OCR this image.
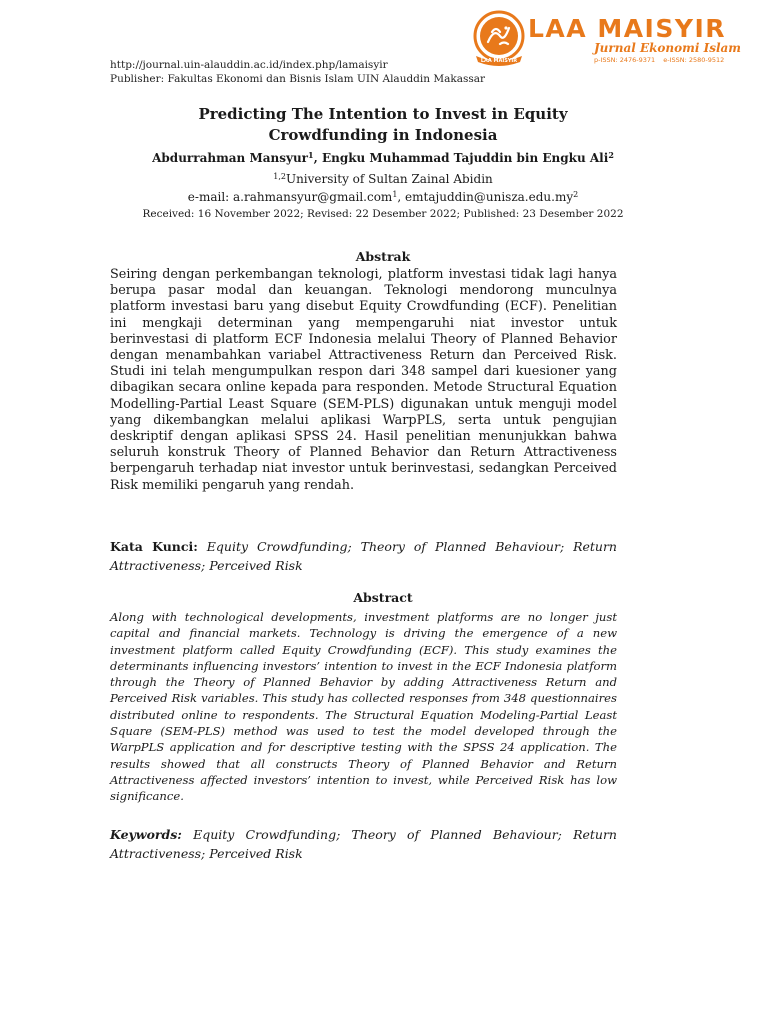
LAA MAISYIR
LAA MAISYIR
Jurnal Ekonomi Islam
p-ISSN: 2476-9371 e-ISSN: 2580-9512
http://journal.uin-alauddin.ac.id/index.php/lamaisyir
Publisher: Fakultas Ekonomi dan Bisnis Islam UIN Alauddin Makassar
Predicting The Intention to Invest in Equity
Crowdfunding in Indonesia
Abdurrahman Mansyur$^1$, Engku Muhammad Tajuddin bin Engku Ali$^2$
$^{1,2}$University of Sultan Zainal Abidin
e-mail: a.rahmansyur@gmail.com$^1$, $emtajuddin@unisza.edu.my^2$
Received: 16 November 2022; Revised: 22 Desember 2022; Published: 23 Desember 2022
Abstrak

Seiring dengan perkembangan teknologi, platform investasi tidak lagi hanya berupa pasar modal dan keuangan. Teknologi mendorong munculnya platform investasi baru yang disebut Equity Crowdfunding (ECF). Penelitian ini mengkaji determinan yang mempengaruhi niat investor untuk berinvestasi di platform ECF Indonesia melalui Theory of Planned Behavior dengan menambahkan variabel Attractiveness Return dan Perceived Risk. Studi ini telah mengumpulkan respon dari 348 sampel dari kuesioner yang dibagikan secara online kepada para responden. Metode Structural Equation Modelling-Partial Least Square (SEM-PLS) digunakan untuk menguji model yang dikembangkan melalui aplikasi WarpPLS, serta untuk pengujian deskriptif dengan aplikasi SPSS 24. Hasil penelitian menunjukkan bahwa seluruh konstruk Theory of Planned Behavior dan Return Attractiveness berpengaruh terhadap niat investor untuk berinvestasi, sedangkan Perceived Risk memiliki pengaruh yang rendah.

Kata Kunci: Equity Crowdfunding; Theory of Planned Behaviour; Return Attractiveness; Perceived Risk

Abstract

Along with technological developments, investment platforms are no longer just capital and financial markets. Technology is driving the emergence of a new investment platform called Equity Crowdfunding (ECF). This study examines the determinants influencing investors’ intention to invest in the ECF Indonesia platform through the Theory of Planned Behavior by adding Attractiveness Return and Perceived Risk variables. This study has collected responses from 348 questionnaires distributed online to respondents. The Structural Equation Modeling-Partial Least Square (SEM-PLS) method was used to test the model developed through the WarpPLS application and for descriptive testing with the SPSS 24 application. The results showed that all constructs Theory of Planned Behavior and Return Attractiveness affected investors’ intention to invest, while Perceived Risk has low significance.

Keywords: Equity Crowdfunding; Theory of Planned Behaviour; Return Attractiveness; Perceived Risk
